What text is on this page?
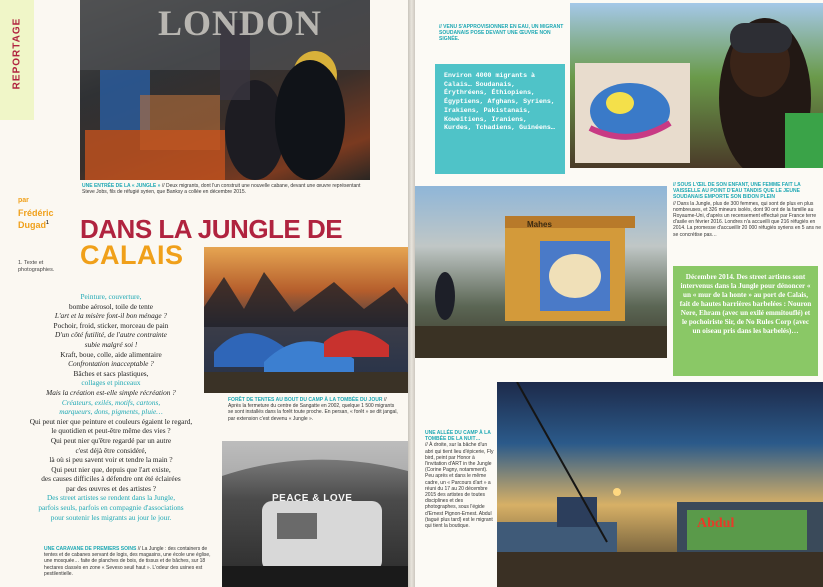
REPORTAGE	LONDON
UNE ENTRÉE DE LA « JUNGLE » // Deux migrants, dont l'un construit une nouvelle cabane, devant une œuvre représentant Steve Jobs, fils de réfugié syrien, que Banksy a collée en décembre 2015.
par
Frédéric
Dugad$^1$
1. Texte et photographies.
DANS LA JUNGLE DE
CALAIS
FORÊT DE TENTES AU BOUT DU CAMP À LA TOMBÉE DU JOUR // Après la fermeture du centre de Sangatte en 2002, quelque 1 500 migrants se sont installés dans la forêt toute proche. En persan, « forêt » se dit jangal, par extension c'est devenu « Jungle ».
Peinture, couverture,
bombe aérosol, toile de tente
L'art et la misère font-il bon ménage ?
Pochoir, froid, sticker, morceau de pain
D'un côté futilité, de l'autre contrainte
subie malgré soi !
Kraft, boue, colle, aide alimentaire
Confrontation inacceptable ?
Bâches et sacs plastiques,
collages et pinceaux
Mais la création est-elle simple récréation ?
Créateurs, exilés, motifs, cartons,
marqueurs, dons, pigments, pluie…
Qui peut nier que peinture et couleurs égaient le regard,
le quotidien et peut-être même des vies ?
Qui peut nier qu'être regardé par un autre
c'est déjà être considéré,
là où si peu savent voir et tendre la main ?
Qui peut nier que, depuis que l'art existe,
des causes difficiles à défendre ont été éclairées
par des œuvres et des artistes ?
Des street artistes se rendent dans la Jungle,
parfois seuls, parfois en compagnie d'associations
pour soutenir les migrants au jour le jour.
PEACE & LOVE
UNE CARAVANE DE PREMIERS SOINS // La Jungle : des containers de tentes et de cabanes servant de logis, des magasins, une école une église, une mosquée… faite de planches de bois, de tissus et de bâches, sur 18 hectares classés en zone « Seveso seuil haut ». L'odeur des usines est pestilentielle.
// VENU S'APPROVISIONNER EN EAU, UN MIGRANT SOUDANAIS POSE DEVANT UNE ŒUVRE NON SIGNÉE.
Environ 4000 migrants à Calais… Soudanais, Érythréens, Éthiopiens, Égyptiens, Afghans, Syriens, Irakiens, Pakistanais, Koweïtiens, Iraniens, Kurdes, Tchadiens, Guinéens…
Mahes
// SOUS L'ŒIL DE SON ENFANT, UNE FEMME FAIT LA VAISSELLE AU POINT D'EAU TANDIS QUE LE JEUNE SOUDANAIS EMPORTE SON BIDON PLEIN
// Dans la Jungle, plus de 300 femmes, qui sont de plus en plus nombreuses, et 326 mineurs isolés, dont 90 ont de la famille au Royaume-Uni, d'après un recensement effectué par France terre d'asile en février 2016. Londres n'a accueilli que 216 réfugiés en 2014. La promesse d'accueillir 20 000 réfugiés syriens en 5 ans ne se concrétise pas…
Décembre 2014. Des street artistes sont intervenus dans la Jungle pour dénoncer « un « mur de la honte » au port de Calais, fait de hautes barrières barbelées : Nouron Nere, Ehram (avec un exilé emmitouflé) et le pochoiriste Sir, de No Rules Corp (avec un oiseau pris dans les barbelés)…
UNE ALLÉE DU CAMP À LA TOMBÉE DE LA NUIT…
// À droite, sur la bâche d'un abri qui tient lieu d'épicerie, Fly bird, peint par Honor à l'invitation d'ART in the Jungle (Corine Pagny, notamment). Peu après et dans le même cadre, un « Parcours d'art » a réuni du 17 au 20 décembre 2015 des artistes de toutes disciplines et des photographes, sous l'égide d'Ernest Pignon-Ernest. Abdul (tagué plus tard) est le migrant qui tient la boutique.	Abdul
